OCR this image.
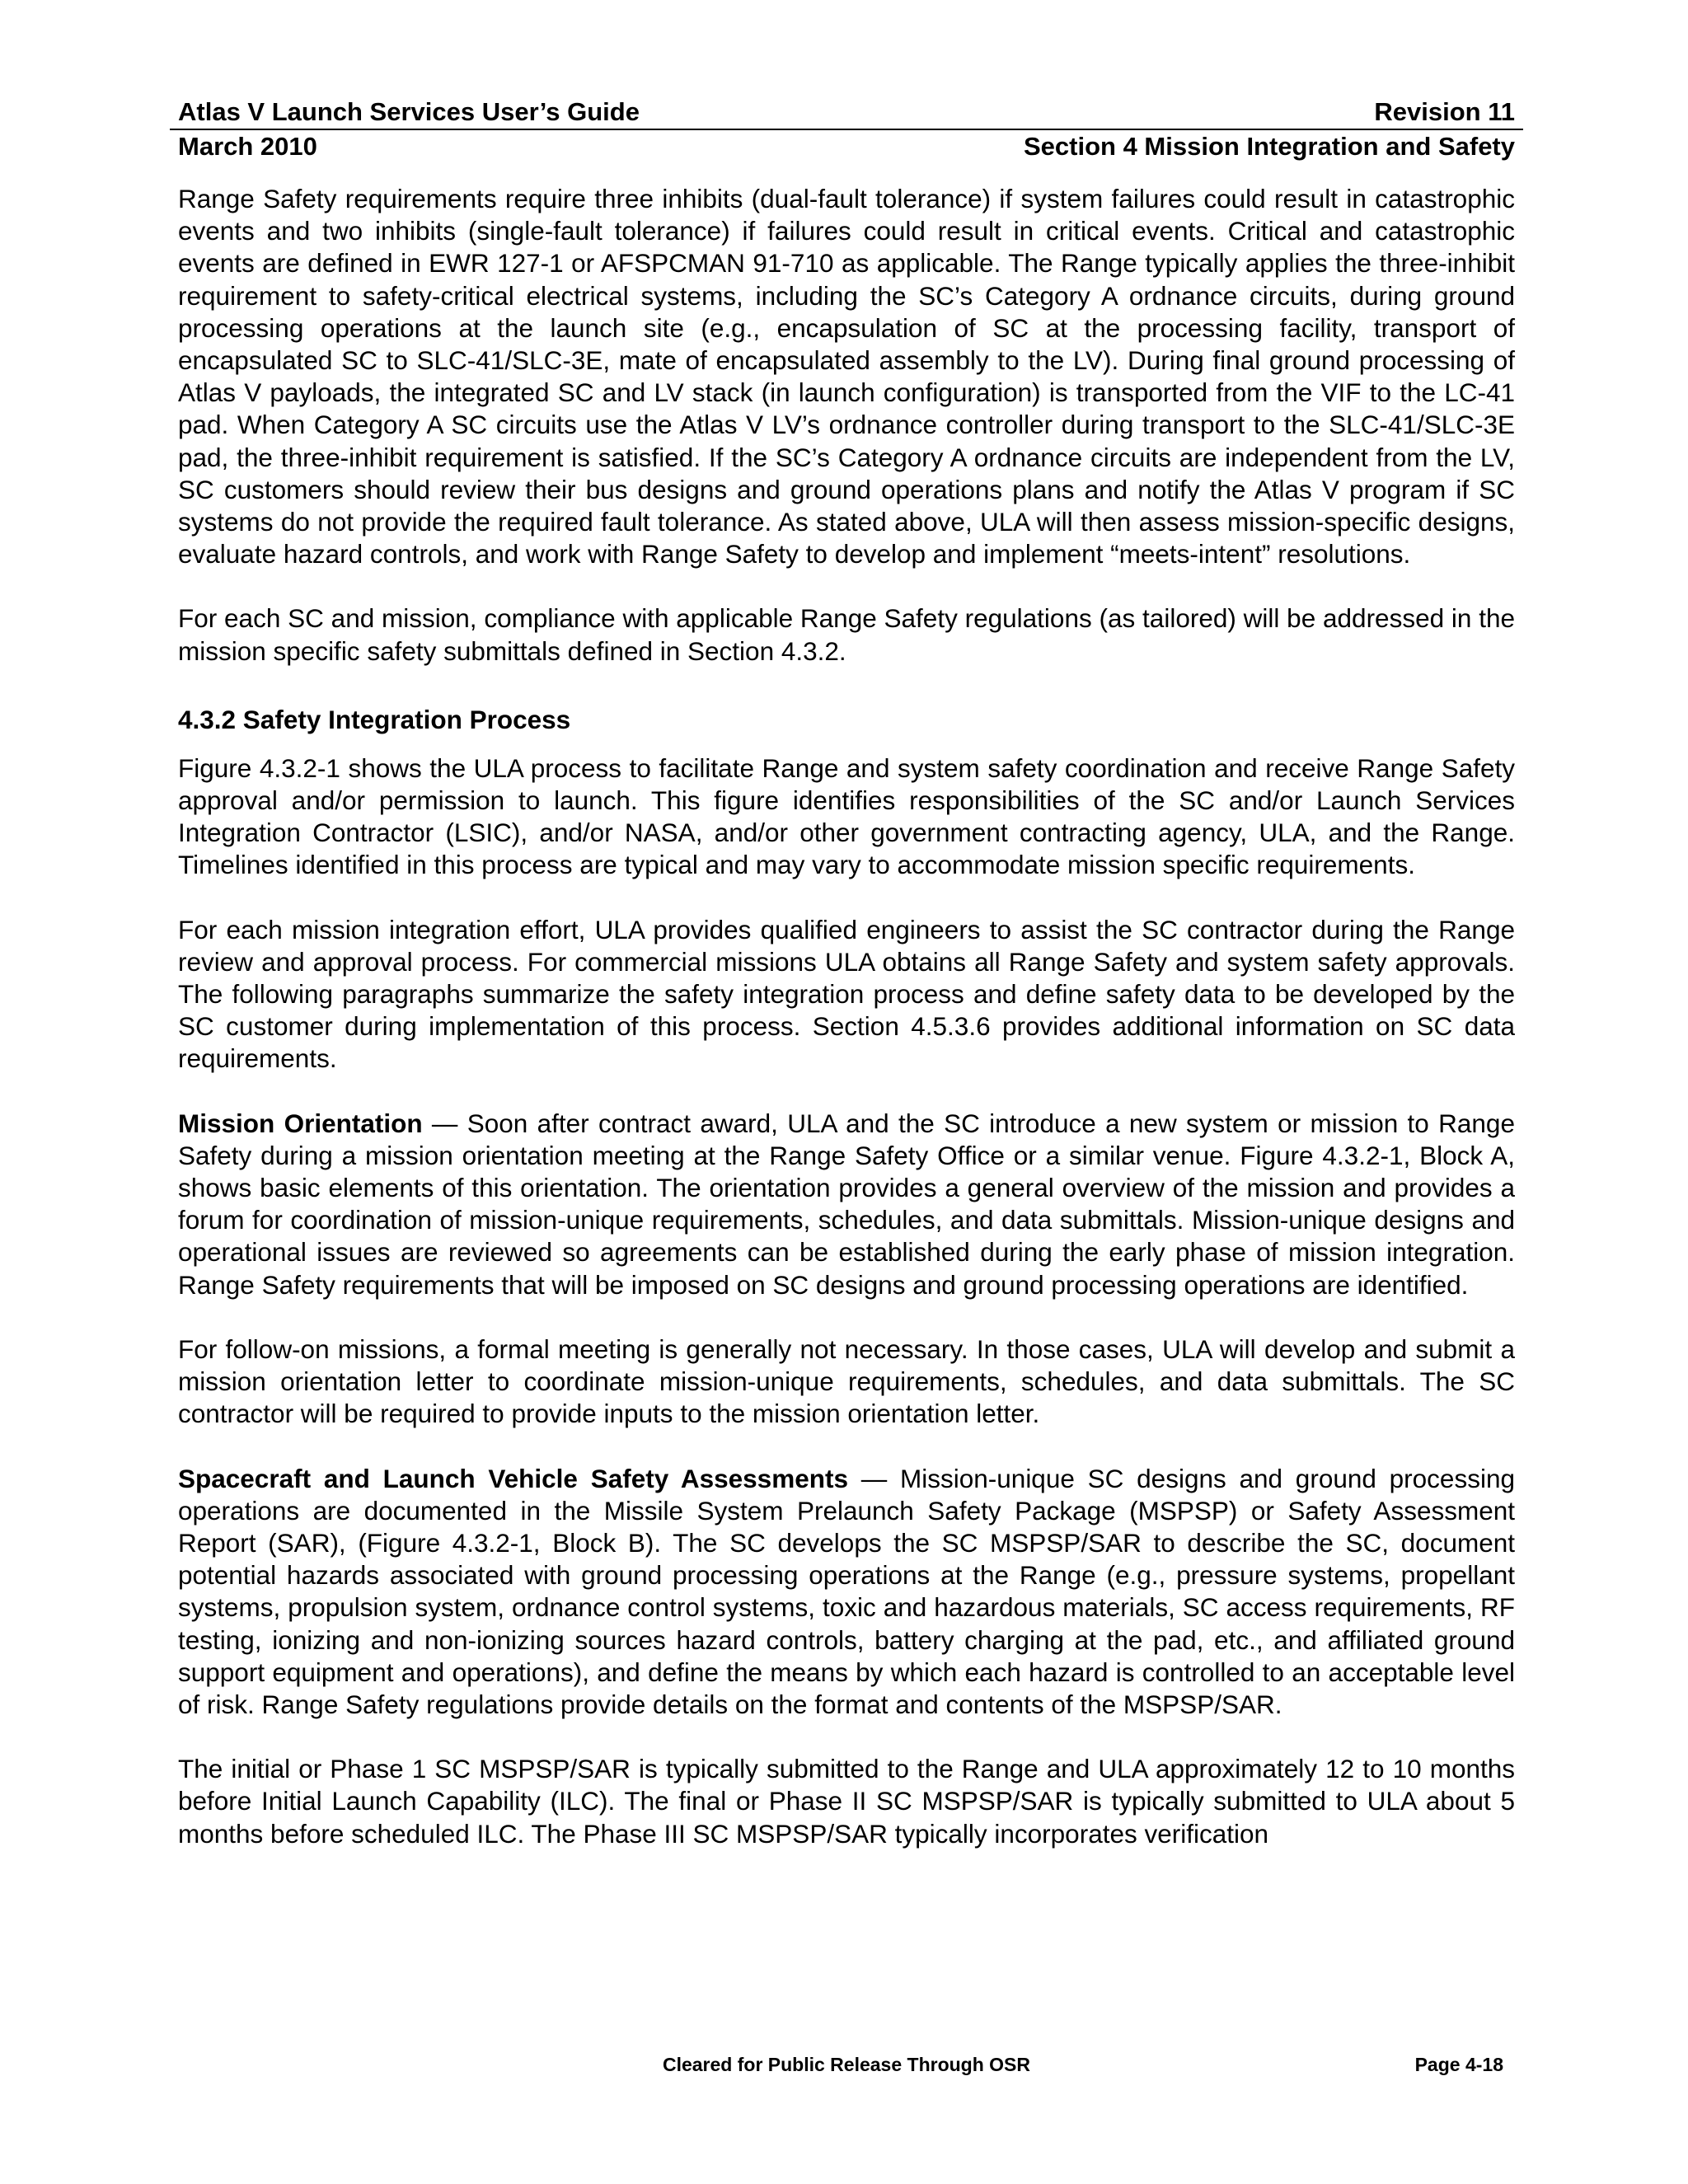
Atlas V Launch Services User’s Guide	Revision 11
March 2010	Section 4 Mission Integration and Safety

Range Safety requirements require three inhibits (dual-fault tolerance) if system failures could result in catastrophic events and two inhibits (single-fault tolerance) if failures could result in critical events. Critical and catastrophic events are defined in EWR 127-1 or AFSPCMAN 91-710 as applicable. The Range typically applies the three-inhibit requirement to safety-critical electrical systems, including the SC’s Category A ordnance circuits, during ground processing operations at the launch site (e.g., encapsulation of SC at the processing facility, transport of encapsulated SC to SLC-41/SLC-3E, mate of encapsulated assembly to the LV). During final ground processing of Atlas V payloads, the integrated SC and LV stack (in launch configuration) is transported from the VIF to the LC-41 pad. When Category A SC circuits use the Atlas V LV’s ordnance controller during transport to the SLC-41/SLC-3E pad, the three-inhibit requirement is satisfied. If the SC’s Category A ordnance circuits are independent from the LV, SC customers should review their bus designs and ground operations plans and notify the Atlas V program if SC systems do not provide the required fault tolerance. As stated above, ULA will then assess mission-specific designs, evaluate hazard controls, and work with Range Safety to develop and implement “meets-intent” resolutions.

For each SC and mission, compliance with applicable Range Safety regulations (as tailored) will be addressed in the mission specific safety submittals defined in Section 4.3.2.

4.3.2 Safety Integration Process

Figure 4.3.2-1 shows the ULA process to facilitate Range and system safety coordination and receive Range Safety approval and/or permission to launch. This figure identifies responsibilities of the SC and/or Launch Services Integration Contractor (LSIC), and/or NASA, and/or other government contracting agency, ULA, and the Range. Timelines identified in this process are typical and may vary to accommodate mission specific requirements.

For each mission integration effort, ULA provides qualified engineers to assist the SC contractor during the Range review and approval process. For commercial missions ULA obtains all Range Safety and system safety approvals. The following paragraphs summarize the safety integration process and define safety data to be developed by the SC customer during implementation of this process. Section 4.5.3.6 provides additional information on SC data requirements.

Mission Orientation — Soon after contract award, ULA and the SC introduce a new system or mission to Range Safety during a mission orientation meeting at the Range Safety Office or a similar venue. Figure 4.3.2-1, Block A, shows basic elements of this orientation. The orientation provides a general overview of the mission and provides a forum for coordination of mission-unique requirements, schedules, and data submittals. Mission-unique designs and operational issues are reviewed so agreements can be established during the early phase of mission integration. Range Safety requirements that will be imposed on SC designs and ground processing operations are identified.

For follow-on missions, a formal meeting is generally not necessary. In those cases, ULA will develop and submit a mission orientation letter to coordinate mission-unique requirements, schedules, and data submittals. The SC contractor will be required to provide inputs to the mission orientation letter.

Spacecraft and Launch Vehicle Safety Assessments — Mission-unique SC designs and ground processing operations are documented in the Missile System Prelaunch Safety Package (MSPSP) or Safety Assessment Report (SAR), (Figure 4.3.2-1, Block B). The SC develops the SC MSPSP/SAR to describe the SC, document potential hazards associated with ground processing operations at the Range (e.g., pressure systems, propellant systems, propulsion system, ordnance control systems, toxic and hazardous materials, SC access requirements, RF testing, ionizing and non-ionizing sources hazard controls, battery charging at the pad, etc., and affiliated ground support equipment and operations), and define the means by which each hazard is controlled to an acceptable level of risk. Range Safety regulations provide details on the format and contents of the MSPSP/SAR.

The initial or Phase 1 SC MSPSP/SAR is typically submitted to the Range and ULA approximately 12 to 10 months before Initial Launch Capability (ILC). The final or Phase II SC MSPSP/SAR is typically submitted to ULA about 5 months before scheduled ILC. The Phase III SC MSPSP/SAR typically incorporates verification

Cleared for Public Release Through OSR	Page 4-18
